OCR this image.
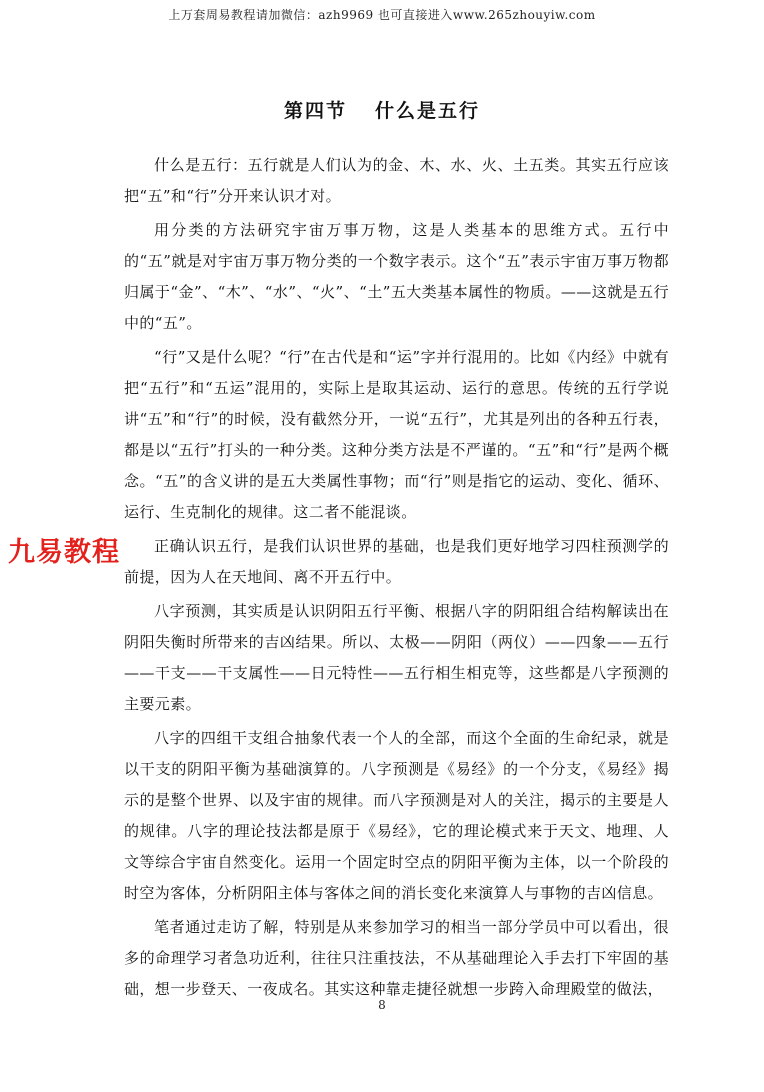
上万套周易教程请加微信：azh9969 也可直接进入www.265zhouyiw.com
第四节 什么是五行

什么是五行：五行就是人们认为的金、木、水、火、土五类。其实五行应该把“五”和“行”分开来认识才对。

用分类的方法研究宇宙万事万物，这是人类基本的思维方式。五行中的“五”就是对宇宙万事万物分类的一个数字表示。这个“五”表示宇宙万事万物都归属于“金”、“木”、“水”、“火”、“土”五大类基本属性的物质。——这就是五行中的“五”。

“行”又是什么呢？“行”在古代是和“运”字并行混用的。比如《内经》中就有把“五行”和“五运”混用的，实际上是取其运动、运行的意思。传统的五行学说讲“五”和“行”的时候，没有截然分开，一说“五行”，尤其是列出的各种五行表，都是以“五行”打头的一种分类。这种分类方法是不严谨的。“五”和“行”是两个概念。“五”的含义讲的是五大类属性事物；而“行”则是指它的运动、变化、循环、运行、生克制化的规律。这二者不能混谈。

正确认识五行，是我们认识世界的基础，也是我们更好地学习四柱预测学的前提，因为人在天地间、离不开五行中。

八字预测，其实质是认识阴阳五行平衡、根据八字的阴阳组合结构解读出在阴阳失衡时所带来的吉凶结果。所以、太极——阴阳（两仪）——四象——五行——干支——干支属性——日元特性——五行相生相克等，这些都是八字预测的主要元素。

八字的四组干支组合抽象代表一个人的全部，而这个全面的生命纪录，就是以干支的阴阳平衡为基础演算的。八字预测是《易经》的一个分支，《易经》揭示的是整个世界、以及宇宙的规律。而八字预测是对人的关注，揭示的主要是人的规律。八字的理论技法都是原于《易经》，它的理论模式来于天文、地理、人文等综合宇宙自然变化。运用一个固定时空点的阴阳平衡为主体，以一个阶段的时空为客体，分析阴阳主体与客体之间的消长变化来演算人与事物的吉凶信息。

笔者通过走访了解，特别是从来参加学习的相当一部分学员中可以看出，很多的命理学习者急功近利，往往只注重技法，不从基础理论入手去打下牢固的基础，想一步登天、一夜成名。其实这种靠走捷径就想一步跨入命理殿堂的做法，

九易教程
8
